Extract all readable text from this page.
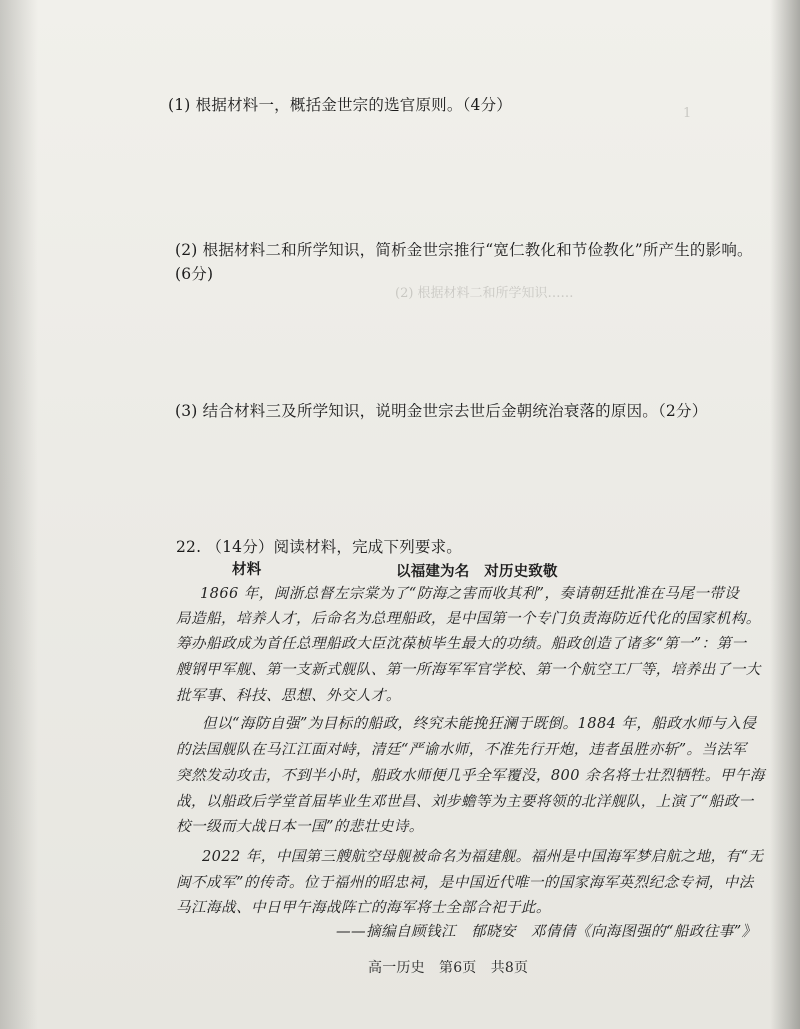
1
(2) 根据材料二和所学知识……
(1) 根据材料一，概括金世宗的选官原则。（4分）
(2) 根据材料二和所学知识，简析金世宗推行“宽仁教化和节俭教化”所产生的影响。
(6分)
(3) 结合材料三及所学知识，说明金世宗去世后金朝统治衰落的原因。（2分）
22. （14分）阅读材料，完成下列要求。
材料	以福建为名　对历史致敬
1866 年，闽浙总督左宗棠为了“防海之害而收其利”，奏请朝廷批准在马尾一带设
局造船，培养人才，后命名为总理船政，是中国第一个专门负责海防近代化的国家机构。
筹办船政成为首任总理船政大臣沈葆桢毕生最大的功绩。船政创造了诸多“第一”：第一
艘钢甲军舰、第一支新式舰队、第一所海军军官学校、第一个航空工厂等，培养出了一大
批军事、科技、思想、外交人才。
但以“海防自强”为目标的船政，终究未能挽狂澜于既倒。1884 年，船政水师与入侵
的法国舰队在马江江面对峙，清廷“严谕水师，不准先行开炮，违者虽胜亦斩”。当法军
突然发动攻击，不到半小时，船政水师便几乎全军覆没，800 余名将士壮烈牺牲。甲午海
战，以船政后学堂首届毕业生邓世昌、刘步蟾等为主要将领的北洋舰队，上演了“船政一
校一级而大战日本一国”的悲壮史诗。
2022 年，中国第三艘航空母舰被命名为福建舰。福州是中国海军梦启航之地，有“无
闽不成军”的传奇。位于福州的昭忠祠，是中国近代唯一的国家海军英烈纪念专祠，中法
马江海战、中日甲午海战阵亡的海军将士全部合祀于此。
——摘编自顾钱江　郁晓安　邓倩倩《向海图强的“船政往事”》
高一历史　第6页　共8页
